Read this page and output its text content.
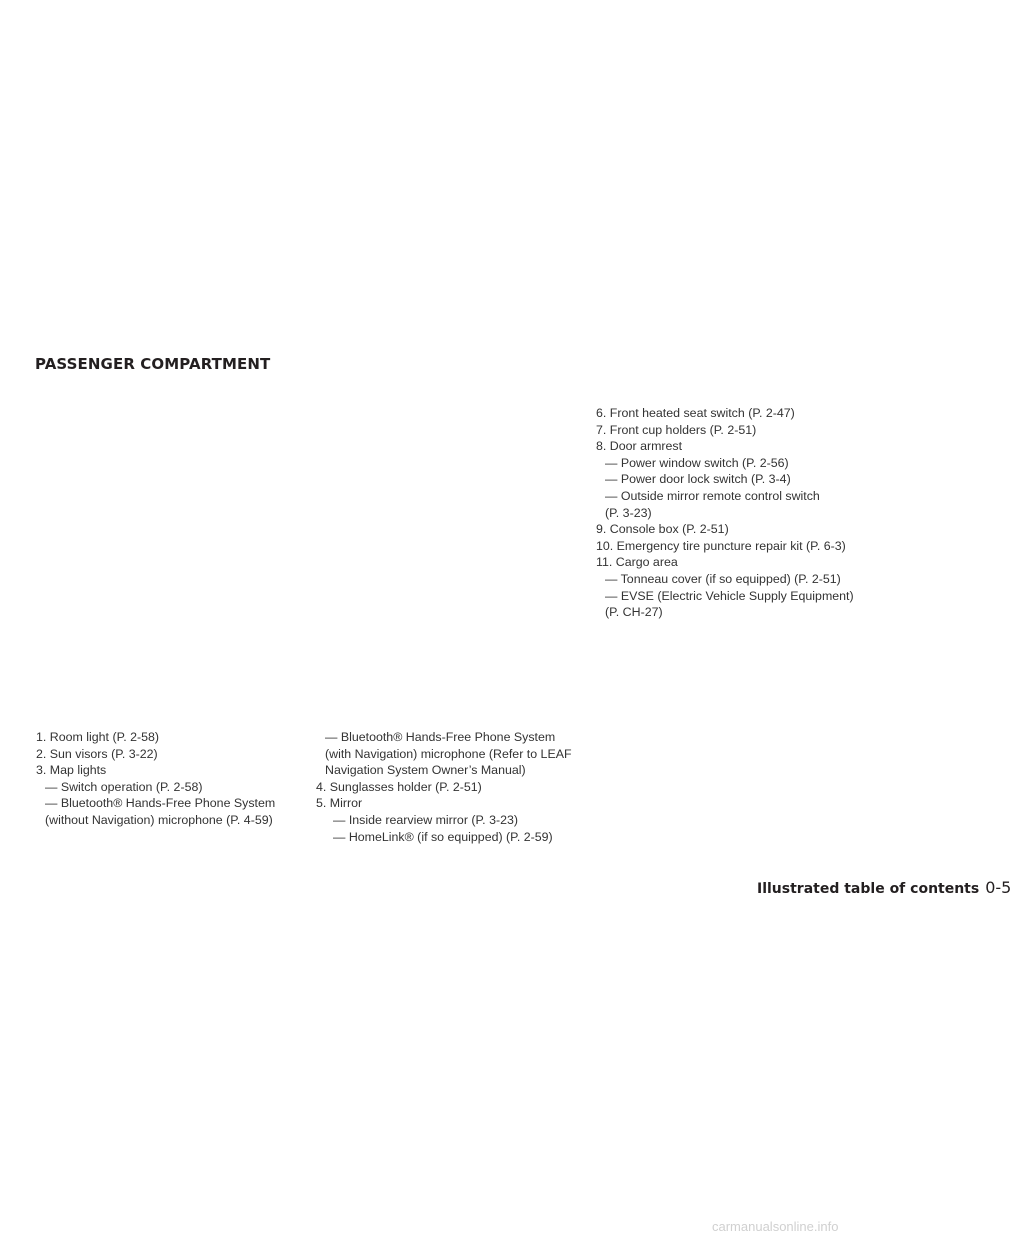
PASSENGER COMPARTMENT
1. Room light (P. 2-58)
2. Sun visors (P. 3-22)
3. Map lights
— Switch operation (P. 2-58)
— Bluetooth® Hands-Free Phone System
(without Navigation) microphone (P. 4-59)
— Bluetooth® Hands-Free Phone System
(with Navigation) microphone (Refer to LEAF
Navigation System Owner’s Manual)
4. Sunglasses holder (P. 2-51)
5. Mirror
— Inside rearview mirror (P. 3-23)
— HomeLink® (if so equipped) (P. 2-59)
6. Front heated seat switch (P. 2-47)
7. Front cup holders (P. 2-51)
8. Door armrest
— Power window switch (P. 2-56)
— Power door lock switch (P. 3-4)
— Outside mirror remote control switch
(P. 3-23)
9. Console box (P. 2-51)
10. Emergency tire puncture repair kit (P. 6-3)
11. Cargo area
— Tonneau cover (if so equipped) (P. 2-51)
— EVSE (Electric Vehicle Supply Equipment)
(P. CH-27)
Illustrated table of contents 0-5
carmanualsonline.info
